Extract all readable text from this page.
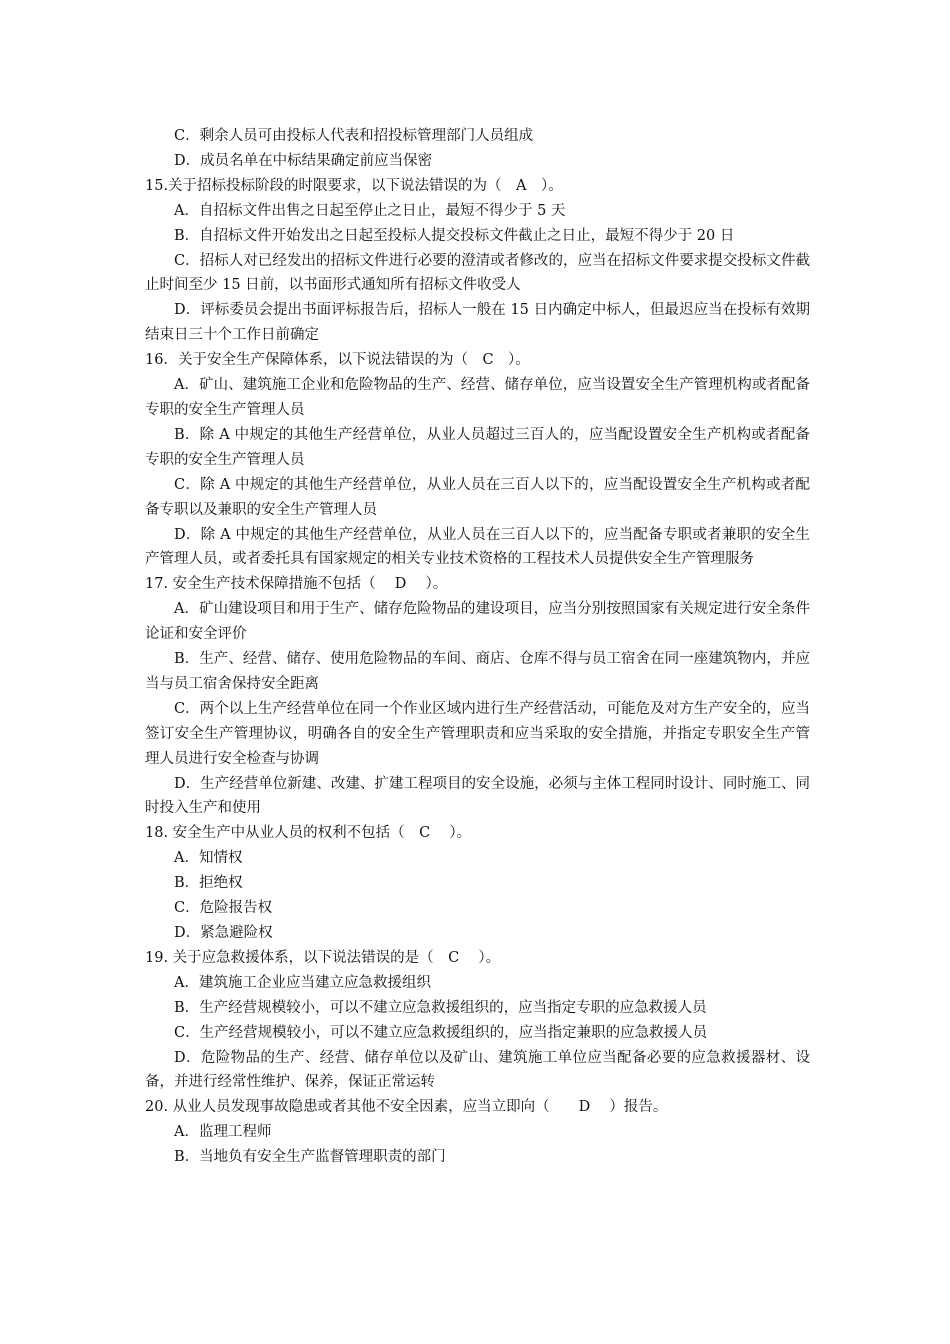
C．剩余人员可由投标人代表和招投标管理部门人员组成

D．成员名单在中标结果确定前应当保密

15.关于招标投标阶段的时限要求，以下说法错误的为（　A　）。

A．自招标文件出售之日起至停止之日止，最短不得少于 5 天

B．自招标文件开始发出之日起至投标人提交投标文件截止之日止，最短不得少于 20 日

C．招标人对已经发出的招标文件进行必要的澄清或者修改的，应当在招标文件要求提交投标文件截止时间至少 15 日前，以书面形式通知所有招标文件收受人

D．评标委员会提出书面评标报告后，招标人一般在 15 日内确定中标人，但最迟应当在投标有效期结束日三十个工作日前确定

16．关于安全生产保障体系，以下说法错误的为（　C　）。

A．矿山、建筑施工企业和危险物品的生产、经营、储存单位，应当设置安全生产管理机构或者配备专职的安全生产管理人员

B．除 A 中规定的其他生产经营单位，从业人员超过三百人的，应当配设置安全生产机构或者配备专职的安全生产管理人员

C．除 A 中规定的其他生产经营单位，从业人员在三百人以下的，应当配设置安全生产机构或者配备专职以及兼职的安全生产管理人员

D．除 A 中规定的其他生产经营单位，从业人员在三百人以下的，应当配备专职或者兼职的安全生产管理人员，或者委托具有国家规定的相关专业技术资格的工程技术人员提供安全生产管理服务

17. 安全生产技术保障措施不包括（　 D　 ）。

A．矿山建设项目和用于生产、储存危险物品的建设项目，应当分别按照国家有关规定进行安全条件论证和安全评价

B．生产、经营、储存、使用危险物品的车间、商店、仓库不得与员工宿舍在同一座建筑物内，并应当与员工宿舍保持安全距离

C．两个以上生产经营单位在同一个作业区域内进行生产经营活动，可能危及对方生产安全的，应当签订安全生产管理协议，明确各自的安全生产管理职责和应当采取的安全措施，并指定专职安全生产管理人员进行安全检查与协调

D．生产经营单位新建、改建、扩建工程项目的安全设施，必须与主体工程同时设计、同时施工、同时投入生产和使用

18. 安全生产中从业人员的权利不包括（　C　 ）。

A．知情权

B．拒绝权

C．危险报告权

D．紧急避险权

19. 关于应急救援体系，以下说法错误的是（　C　 ）。

A．建筑施工企业应当建立应急救援组织

B．生产经营规模较小，可以不建立应急救援组织的，应当指定专职的应急救援人员

C．生产经营规模较小，可以不建立应急救援组织的，应当指定兼职的应急救援人员

D．危险物品的生产、经营、储存单位以及矿山、建筑施工单位应当配备必要的应急救援器材、设备，并进行经常性维护、保养，保证正常运转

20. 从业人员发现事故隐患或者其他不安全因素，应当立即向（　　D　 ）报告。

A．监理工程师

B．当地负有安全生产监督管理职责的部门
